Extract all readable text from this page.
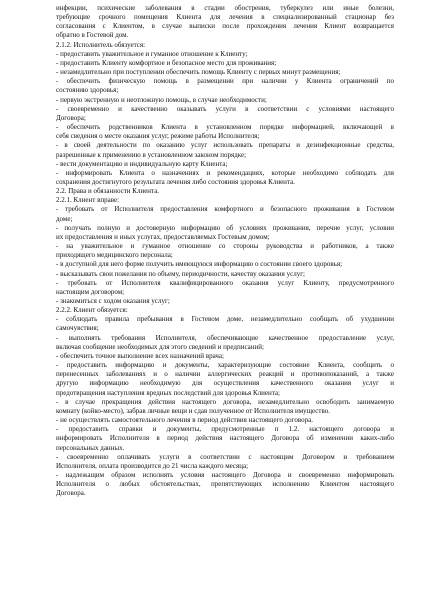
инфекции, психические заболевания в стадии обострения, туберкулез или иные болезни,
требующие срочного помещения Клиента для лечения в специализированный стационар без
согласования с Клиентом, в случае выписки после прохождения лечения Клиент возвращается
обратно в Гостевой дом.
2.1.2. Исполнитель обязуется:
- предоставить уважительное и гуманное отношение к Клиенту;
- предоставить Клиенту комфортное и безопасное место для проживания;
- незамедлительно при поступлении обеспечить помощь Клиенту с первых минут размещения;
- обеспечить физическую помощь в размещении при наличии у Клиента ограничений по
состоянию здоровья;
- первую экстренную и неотложную помощь, в случае необходимости;
- своевременно и качественно оказывать услуги в соответствии с условиями настоящего
Договора;
- обеспечить родственников Клиента в установленном порядке информацией, включающей в
себя сведения о месте оказания услуг, режиме работы Исполнителя;
- в своей деятельности по оказанию услуг использовать препараты и дезинфекционные средства,
разрешенные к применению в установленном законом порядке;
- вести документацию и индивидуальную карту Клиента;
- информировать Клиента о назначениях и рекомендациях, которые необходимо соблюдать для
сохранения достигнутого результата лечения либо состояния здоровья Клиента.
2.2. Права и обязанности Клиента.
2.2.1. Клиент вправе:
- требовать от Исполнителя предоставления комфортного и безопасного проживания в Гостевом
доме;
- получать полную и достоверную информацию об условиях проживания, перечне услуг, условии
их предоставления и иных услугах, предоставляемых Гостевым домом;
- на уважительное и гуманное отношение со стороны руководства и работников, а также
приходящего медицинского персонала;
- в доступной для него форме получить имеющуюся информацию о состоянии своего здоровья;
- высказывать свои пожелания по объему, периодичности, качеству оказания услуг;
- требовать от Исполнителя квалифицированного оказания услуг Клиенту, предусмотренного
настоящим договором;
- знакомиться с ходом оказания услуг;
2.2.2. Клиент обязуется:
- соблюдать правила пребывания в Гостевом доме, незамедлительно сообщать об ухудшении
самочувствия;
- выполнять требования Исполнителя, обеспечивающие качественное предоставление услуг,
включая сообщение необходимых для этого сведений и предписаний;
- обеспечить точное выполнение всех назначений врача;
- предоставить информацию и документы, характеризующие состояние Клиента, сообщить о
перенесенных заболеваниях и о наличии аллергических реакций и противопоказаний, а также
другую информацию необходимую для осуществления качественного оказания услуг и
предотвращения наступления вредных последствий для здоровья Клиента;
- в случае прекращения действия настоящего договора, незамедлительно освободить занимаемую
комнату (койко-место), забрав личные вещи и сдав полученное от Исполнителя имущество.
- не осуществлять самостоятельного лечения в период действия настоящего договора.
- предоставить справки и документы, предусмотренные п 1.2. настоящего договора и
информировать Исполнителя в период действия настоящего Договора об изменении каких-либо
персональных данных.
- своевременно оплачивать услуги в соответствии с настоящим Договором и требованием
Исполнителя, оплата производится до 21 числа каждого месяца;
- надлежащим образом исполнять условия настоящего Договора и своевременно информировать
Исполнителя о любых обстоятельствах, препятствующих исполнению Клиентом настоящего
Договора.
